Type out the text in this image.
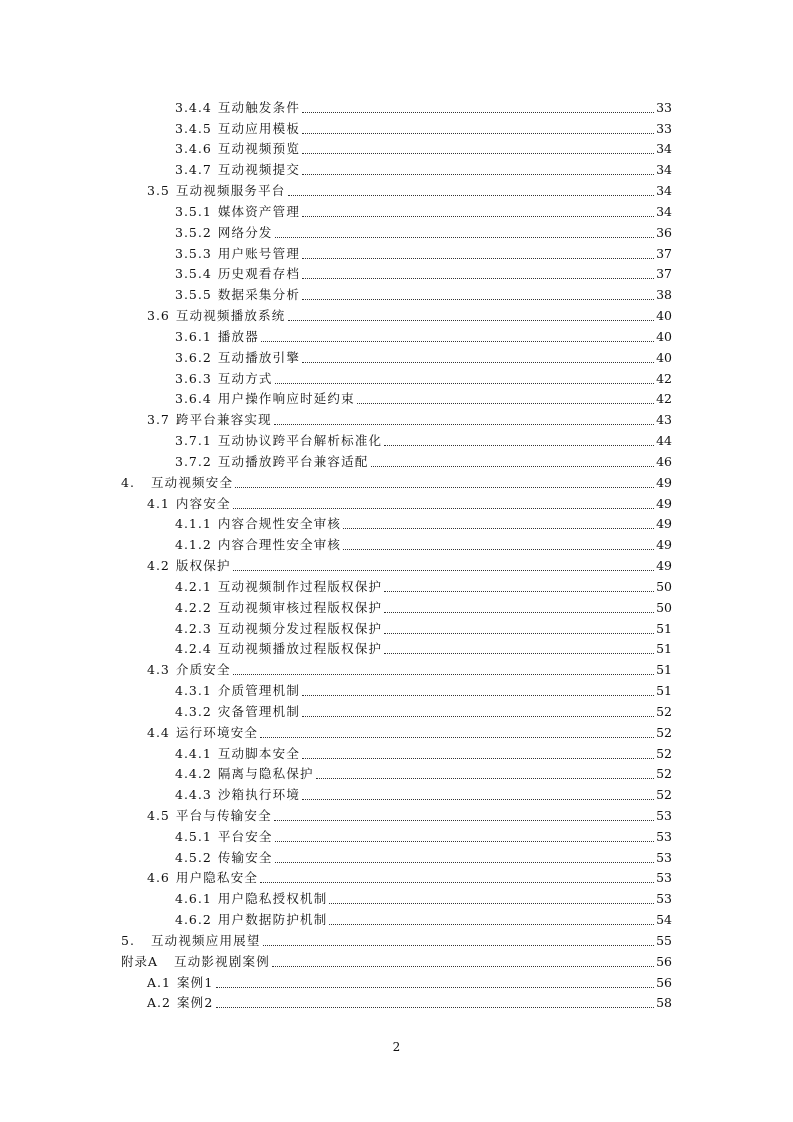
3.4.4 互动触发条件	33
3.4.5 互动应用模板	33
3.4.6 互动视频预览	34
3.4.7 互动视频提交	34
3.5 互动视频服务平台	34
3.5.1 媒体资产管理	34
3.5.2 网络分发	36
3.5.3 用户账号管理	37
3.5.4 历史观看存档	37
3.5.5 数据采集分析	38
3.6 互动视频播放系统	40
3.6.1 播放器	40
3.6.2 互动播放引擎	40
3.6.3 互动方式	42
3.6.4 用户操作响应时延约束	42
3.7 跨平台兼容实现	43
3.7.1 互动协议跨平台解析标准化	44
3.7.2 互动播放跨平台兼容适配	46
4. 互动视频安全	49
4.1 内容安全	49
4.1.1 内容合规性安全审核	49
4.1.2 内容合理性安全审核	49
4.2 版权保护	49
4.2.1 互动视频制作过程版权保护	50
4.2.2 互动视频审核过程版权保护	50
4.2.3 互动视频分发过程版权保护	51
4.2.4 互动视频播放过程版权保护	51
4.3 介质安全	51
4.3.1 介质管理机制	51
4.3.2 灾备管理机制	52
4.4 运行环境安全	52
4.4.1 互动脚本安全	52
4.4.2 隔离与隐私保护	52
4.4.3 沙箱执行环境	52
4.5 平台与传输安全	53
4.5.1 平台安全	53
4.5.2 传输安全	53
4.6 用户隐私安全	53
4.6.1 用户隐私授权机制	53
4.6.2 用户数据防护机制	54
5. 互动视频应用展望	55
附录A 互动影视剧案例	56
A.1 案例1	56
A.2 案例2	58
2
